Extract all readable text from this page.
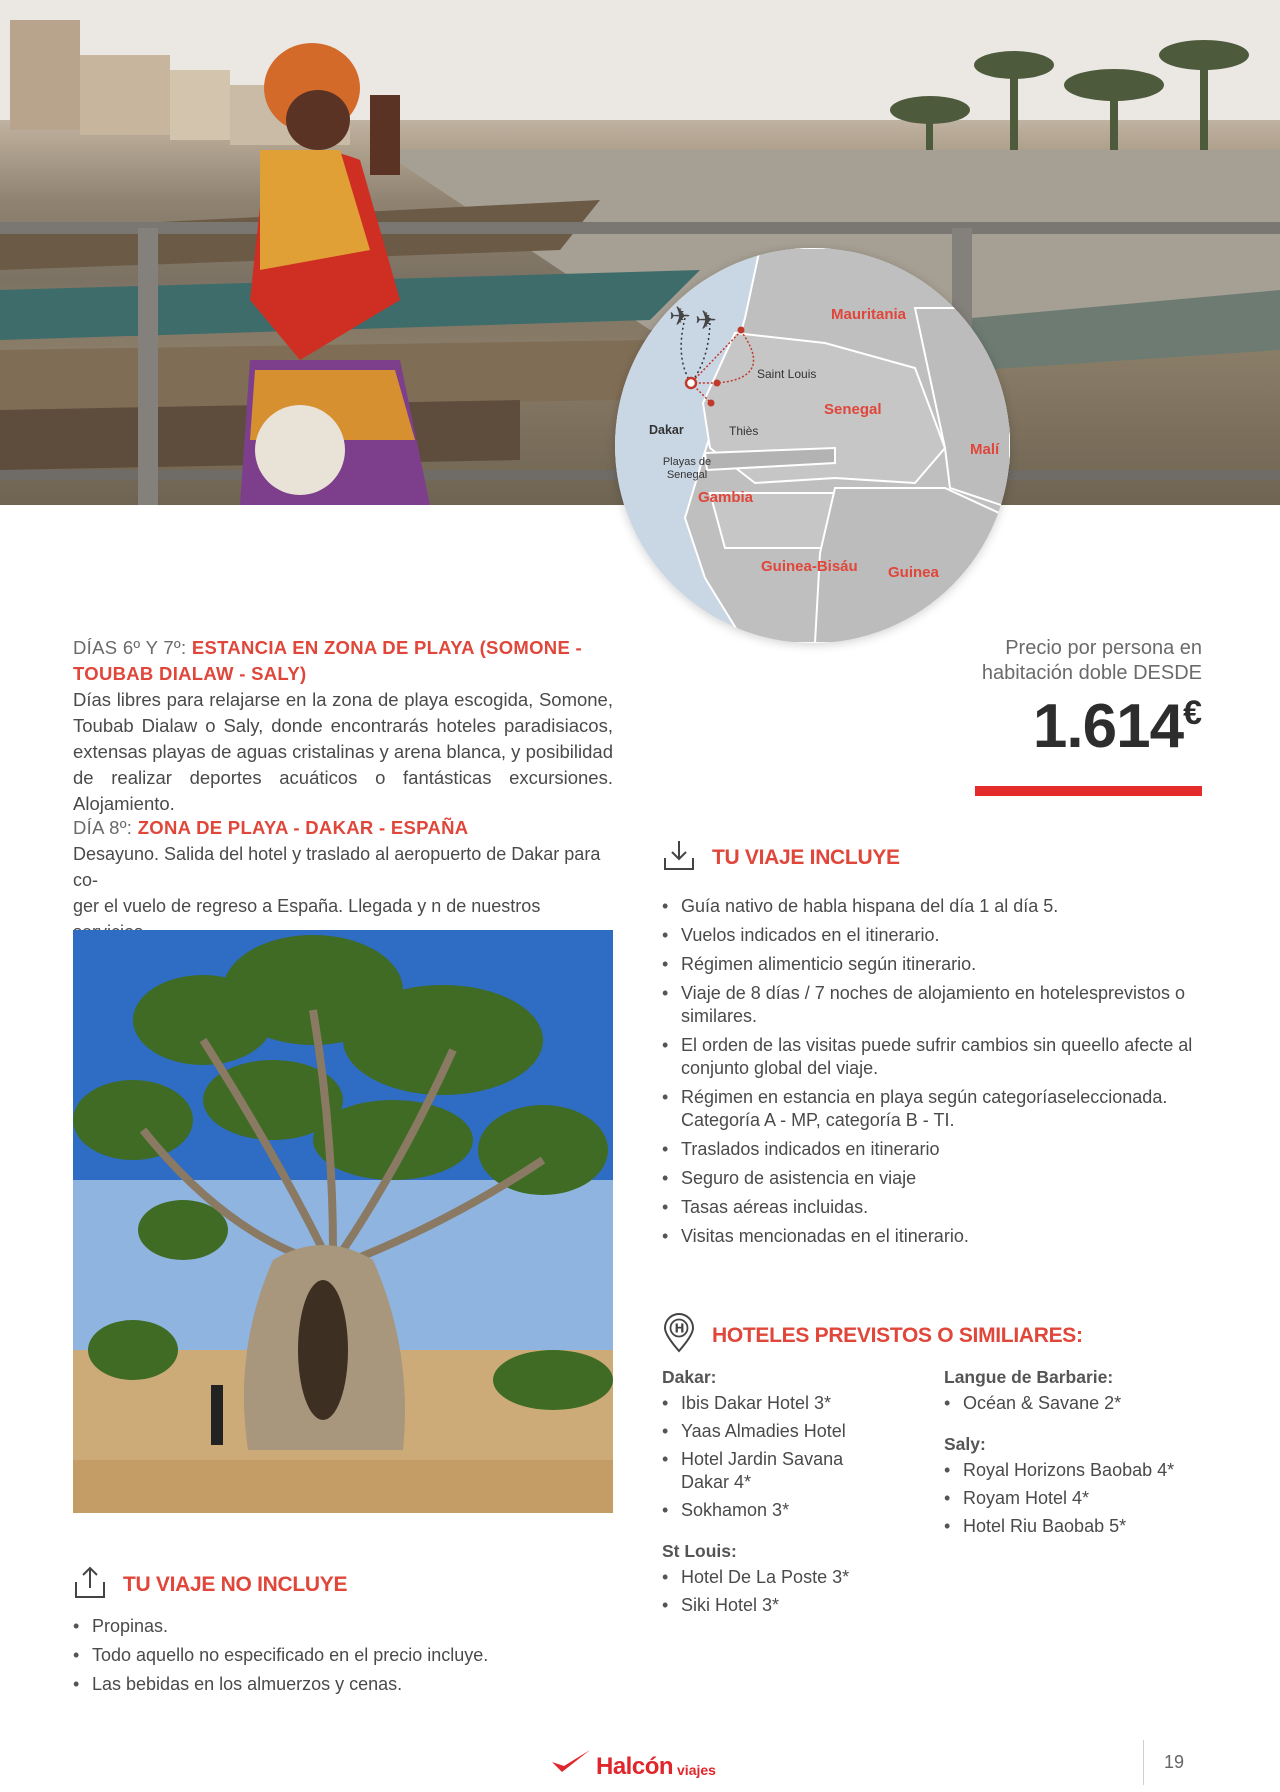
✈ ✈	Mauritania
Senegal
Malí
Gambia
Guinea-Bisáu Guinea
Saint Louis
Dakar	Thiès
Playas de
Senegal
DÍAS 6º Y 7º: ESTANCIA EN ZONA DE PLAYA (SOMONE -
TOUBAB DIALAW - SALY)
Días libres para relajarse en la zona de playa escogida, Somone, Toubab Dialaw o Saly, donde encontrarás hoteles paradisiacos, extensas playas de aguas cristalinas y arena blanca, y posibilidad de realizar deportes acuáticos o fantásticas excursiones. Alojamiento.
DÍA 8º: ZONA DE PLAYA - DAKAR - ESPAÑA
Desayuno. Salida del hotel y traslado al aeropuerto de Dakar para co-
ger el vuelo de regreso a España. Llegada y n de nuestros
Precio por persona en
habitación doble DESDE
1.614€
TU VIAJE INCLUYE
• Guía nativo de habla hispana del día 1 al día 5.
• Vuelos indicados en el itinerario.
• Régimen alimenticio según itinerario.
• Viaje de 8 días / 7 noches de alojamiento en hotelesprevistos o similares.
• El orden de las visitas puede sufrir cambios sin queello afecte al conjunto global del viaje.
• Régimen en estancia en playa según categoríaseleccionada. Categoría A - MP, categoría B - TI.
• Traslados indicados en itinerario
• Seguro de asistencia en viaje
• Tasas aéreas incluidas.
• Visitas mencionadas en el itinerario.
H HOTELES PREVISTOS O SIMILIARES:
Dakar:
• Ibis Dakar Hotel 3*
• Yaas Almadies Hotel
• Hotel Jardin Savana Dakar 4*
• Sokhamon 3*
St Louis:
• Hotel De La Poste 3*
• Siki Hotel 3*
Langue de Barbarie:
• Océan & Savane 2*
Saly:
• Royal Horizons Baobab 4*
• Royam Hotel 4*
• Hotel Riu Baobab 5*
TU VIAJE NO INCLUYE
• Propinas.
• Todo aquello no especificado en el precio incluye.
• Las bebidas en los almuerzos y cenas.
Halcón viajes	19
